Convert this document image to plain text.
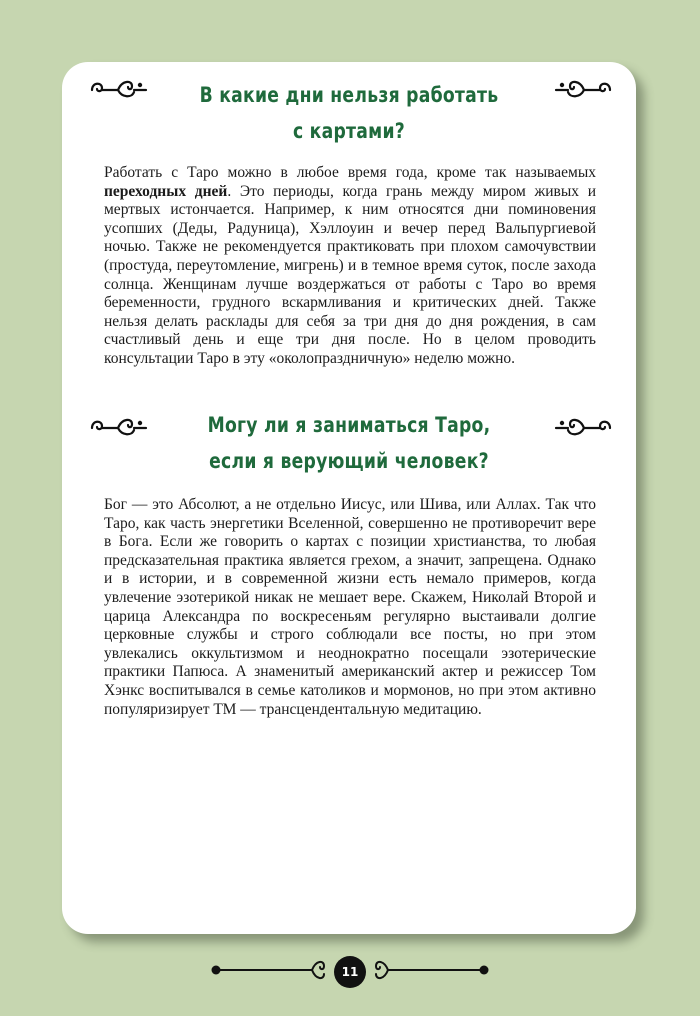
В какие дни нельзя работать
с картами?

Работать с Таро можно в любое время года, кроме так называемых переходных дней. Это периоды, когда грань между миром живых и мертвых истончается. Например, к ним относятся дни поминовения усопших (Деды, Радуница), Хэллоуин и вечер перед Вальпургиевой ночью. Также не рекомендуется практиковать при плохом самочувствии (простуда, переутомление, мигрень) и в темное время суток, после захода солнца. Женщинам лучше воздержаться от работы с Таро во время беременности, грудного вскармливания и критических дней. Также нельзя делать расклады для себя за три дня до дня рождения, в сам счастливый день и еще три дня после. Но в целом проводить консультации Таро в эту «околопраздничную» неделю можно.

Могу ли я заниматься Таро,
если я верующий человек?

Бог — это Абсолют, а не отдельно Иисус, или Шива, или Аллах. Так что Таро, как часть энергетики Вселенной, совершенно не противоречит вере в Бога. Если же говорить о картах с позиции христианства, то любая предсказательная практика является грехом, а значит, запрещена. Однако и в истории, и в современной жизни есть немало примеров, когда увлечение эзотерикой никак не мешает вере. Скажем, Николай Второй и царица Александра по воскресеньям регулярно выстаивали долгие церковные службы и строго соблюдали все посты, но при этом увлекались оккультизмом и неоднократно посещали эзотерические практики Папюса. А знаменитый американский актер и режиссер Том Хэнкс воспитывался в семье католиков и мормонов, но при этом активно популяризирует ТМ — трансцендентальную медитацию.

11
